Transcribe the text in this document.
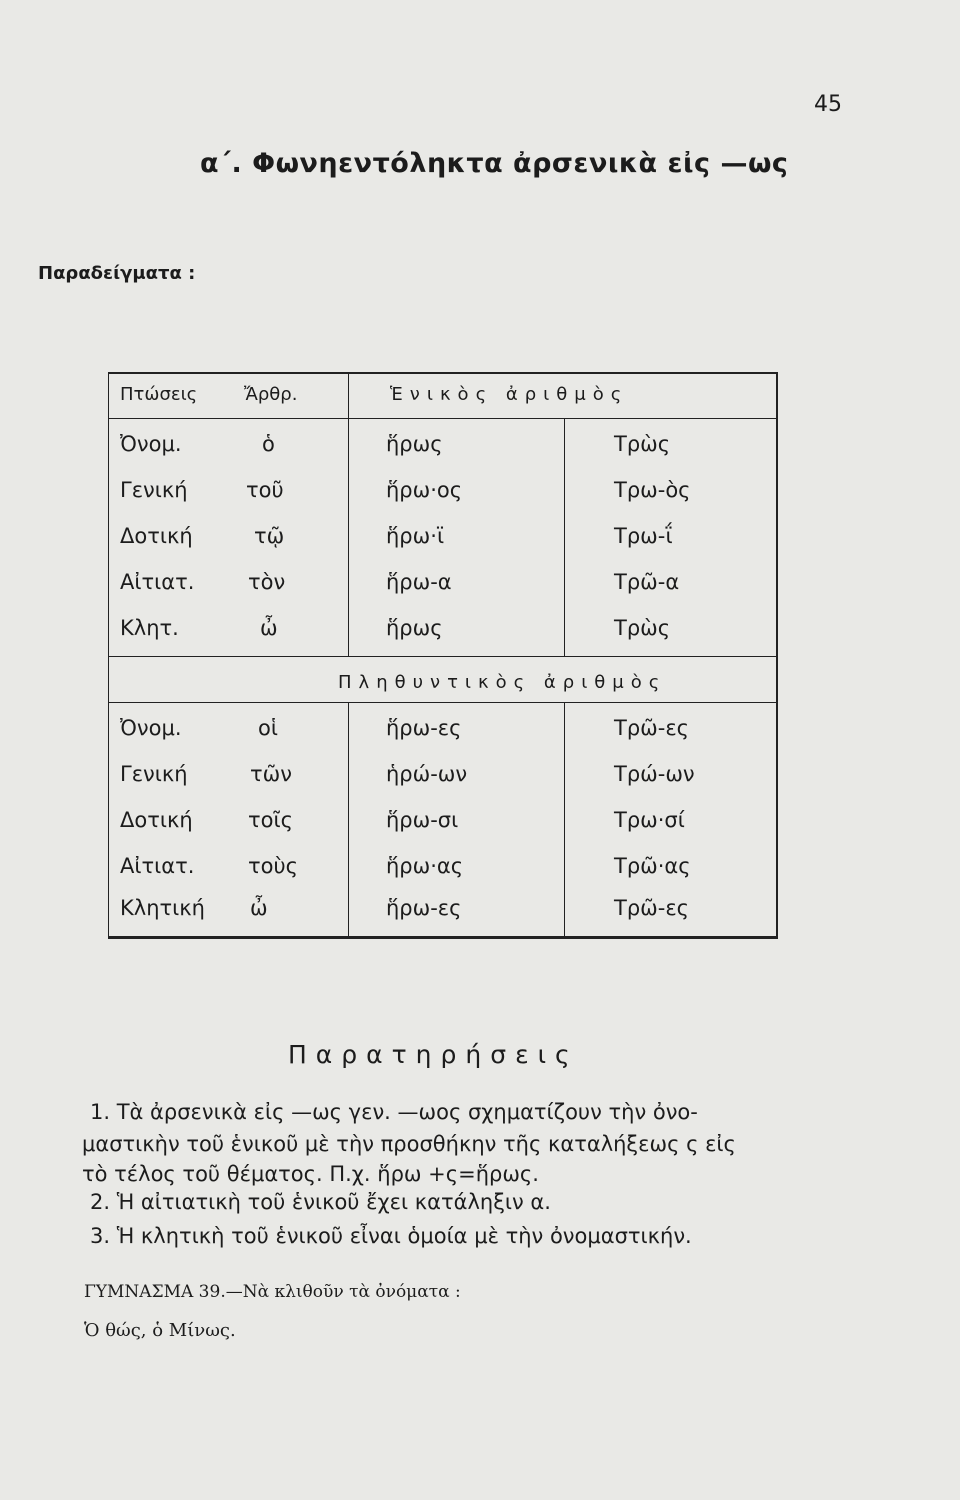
45
α΄. Φωνηεντόληκτα ἀρσενικὰ εἰς —ως
Παραδείγματα :
Πτώσεις	Ἄρθρ.	Ἑνικὸς ἀριθμὸς
Ὀνομ.	ὁ	ἥρως	Τρὼς
Γενική	τοῦ	ἥρω·ος	Τρω-ὸς
Δοτική	τῷ	ἥρω·ϊ	Τρω-ΐ
Αἰτιατ.	τὸν	ἥρω-α	Τρῶ-α
Κλητ.	ὦ	ἥρως	Τρὼς
Πληθυντικὸς ἀριθμὸς
Ὀνομ.	οἱ	ἥρω-ες	Τρῶ-ες
Γενική	τῶν	ἡρώ-ων	Τρώ-ων
Δοτική	τοῖς	ἥρω-σι	Τρω·σί
Αἰτιατ.	τοὺς	ἥρω·ας	Τρῶ·ας
Κλητική ὦ	ἥρω-ες	Τρῶ-ες
Παρατηρήσεις
1. Τὰ ἀρσενικὰ εἰς —ως γεν. —ωος σχηματίζουν τὴν ὀνο-
μαστικὴν τοῦ ἑνικοῦ μὲ τὴν προσθήκην τῆς καταλήξεως ς εἰς
τὸ τέλος τοῦ θέματος. Π.χ. ἥρω +ς=ἥρως.
2. Ἡ αἰτιατικὴ τοῦ ἑνικοῦ ἔχει κατάληξιν α.
3. Ἡ κλητικὴ τοῦ ἑνικοῦ εἶναι ὁμοία μὲ τὴν ὀνομαστικήν.
ΓΥΜΝΑΣΜΑ 39.—Νὰ κλιθοῦν τὰ ὀνόματα :
Ὁ θώς, ὁ Μίνως.
